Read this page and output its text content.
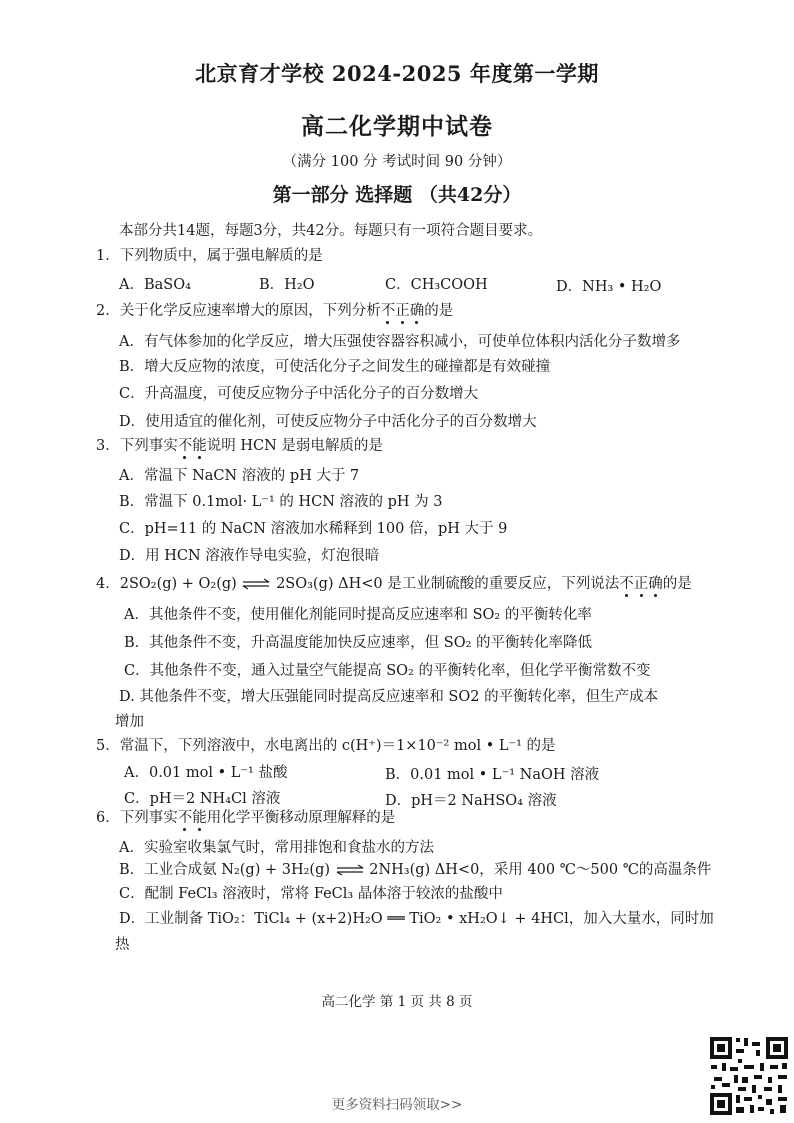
北京育才学校 2024-2025 年度第一学期
高二化学期中试卷
（满分 100 分 考试时间 90 分钟）
第一部分 选择题 （共42分）
本部分共14题，每题3分，共42分。每题只有一项符合题目要求。
1．下列物质中，属于强电解质的是
A．BaSO₄	B．H₂O	C．CH₃COOH	D．NH₃ • H₂O
2．关于化学反应速率增大的原因，下列分析不正确的是
A．有气体参加的化学反应，增大压强使容器容积减小，可使单位体积内活化分子数增多
B．增大反应物的浓度，可使活化分子之间发生的碰撞都是有效碰撞
C．升高温度，可使反应物分子中活化分子的百分数增大
D．使用适宜的催化剂，可使反应物分子中活化分子的百分数增大
3．下列事实不能说明 HCN 是弱电解质的是
A．常温下 NaCN 溶液的 pH 大于 7
B．常温下 0.1mol· L⁻¹ 的 HCN 溶液的 pH 为 3
C．pH=11 的 NaCN 溶液加水稀释到 100 倍，pH 大于 9
D．用 HCN 溶液作导电实验，灯泡很暗
4．2SO₂(g) + O₂(g) ⇌ 2SO₃(g) ΔH<0 是工业制硫酸的重要反应，下列说法不正确的是
A．其他条件不变，使用催化剂能同时提高反应速率和 SO₂ 的平衡转化率
B．其他条件不变，升高温度能加快反应速率，但 SO₂ 的平衡转化率降低
C．其他条件不变，通入过量空气能提高 SO₂ 的平衡转化率，但化学平衡常数不变
D. 其他条件不变，增大压强能同时提高反应速率和 SO2 的平衡转化率，但生产成本
增加
5．常温下，下列溶液中，水电离出的 c(H⁺)＝1×10⁻² mol • L⁻¹ 的是
A．0.01 mol • L⁻¹ 盐酸	B．0.01 mol • L⁻¹ NaOH 溶液
C．pH＝2 NH₄Cl 溶液	D．pH＝2 NaHSO₄ 溶液
6．下列事实不能用化学平衡移动原理解释的是
A．实验室收集氯气时，常用排饱和食盐水的方法
B．工业合成氨 N₂(g) + 3H₂(g) ⇌ 2NH₃(g) ΔH<0，采用 400 ℃～500 ℃的高温条件
C．配制 FeCl₃ 溶液时，常将 FeCl₃ 晶体溶于较浓的盐酸中
D．工业制备 TiO₂：TiCl₄ + (x+2)H₂O ══ TiO₂ • xH₂O↓ + 4HCl，加入大量水，同时加
热
高二化学 第 1 页 共 8 页
更多资料扫码领取>>
